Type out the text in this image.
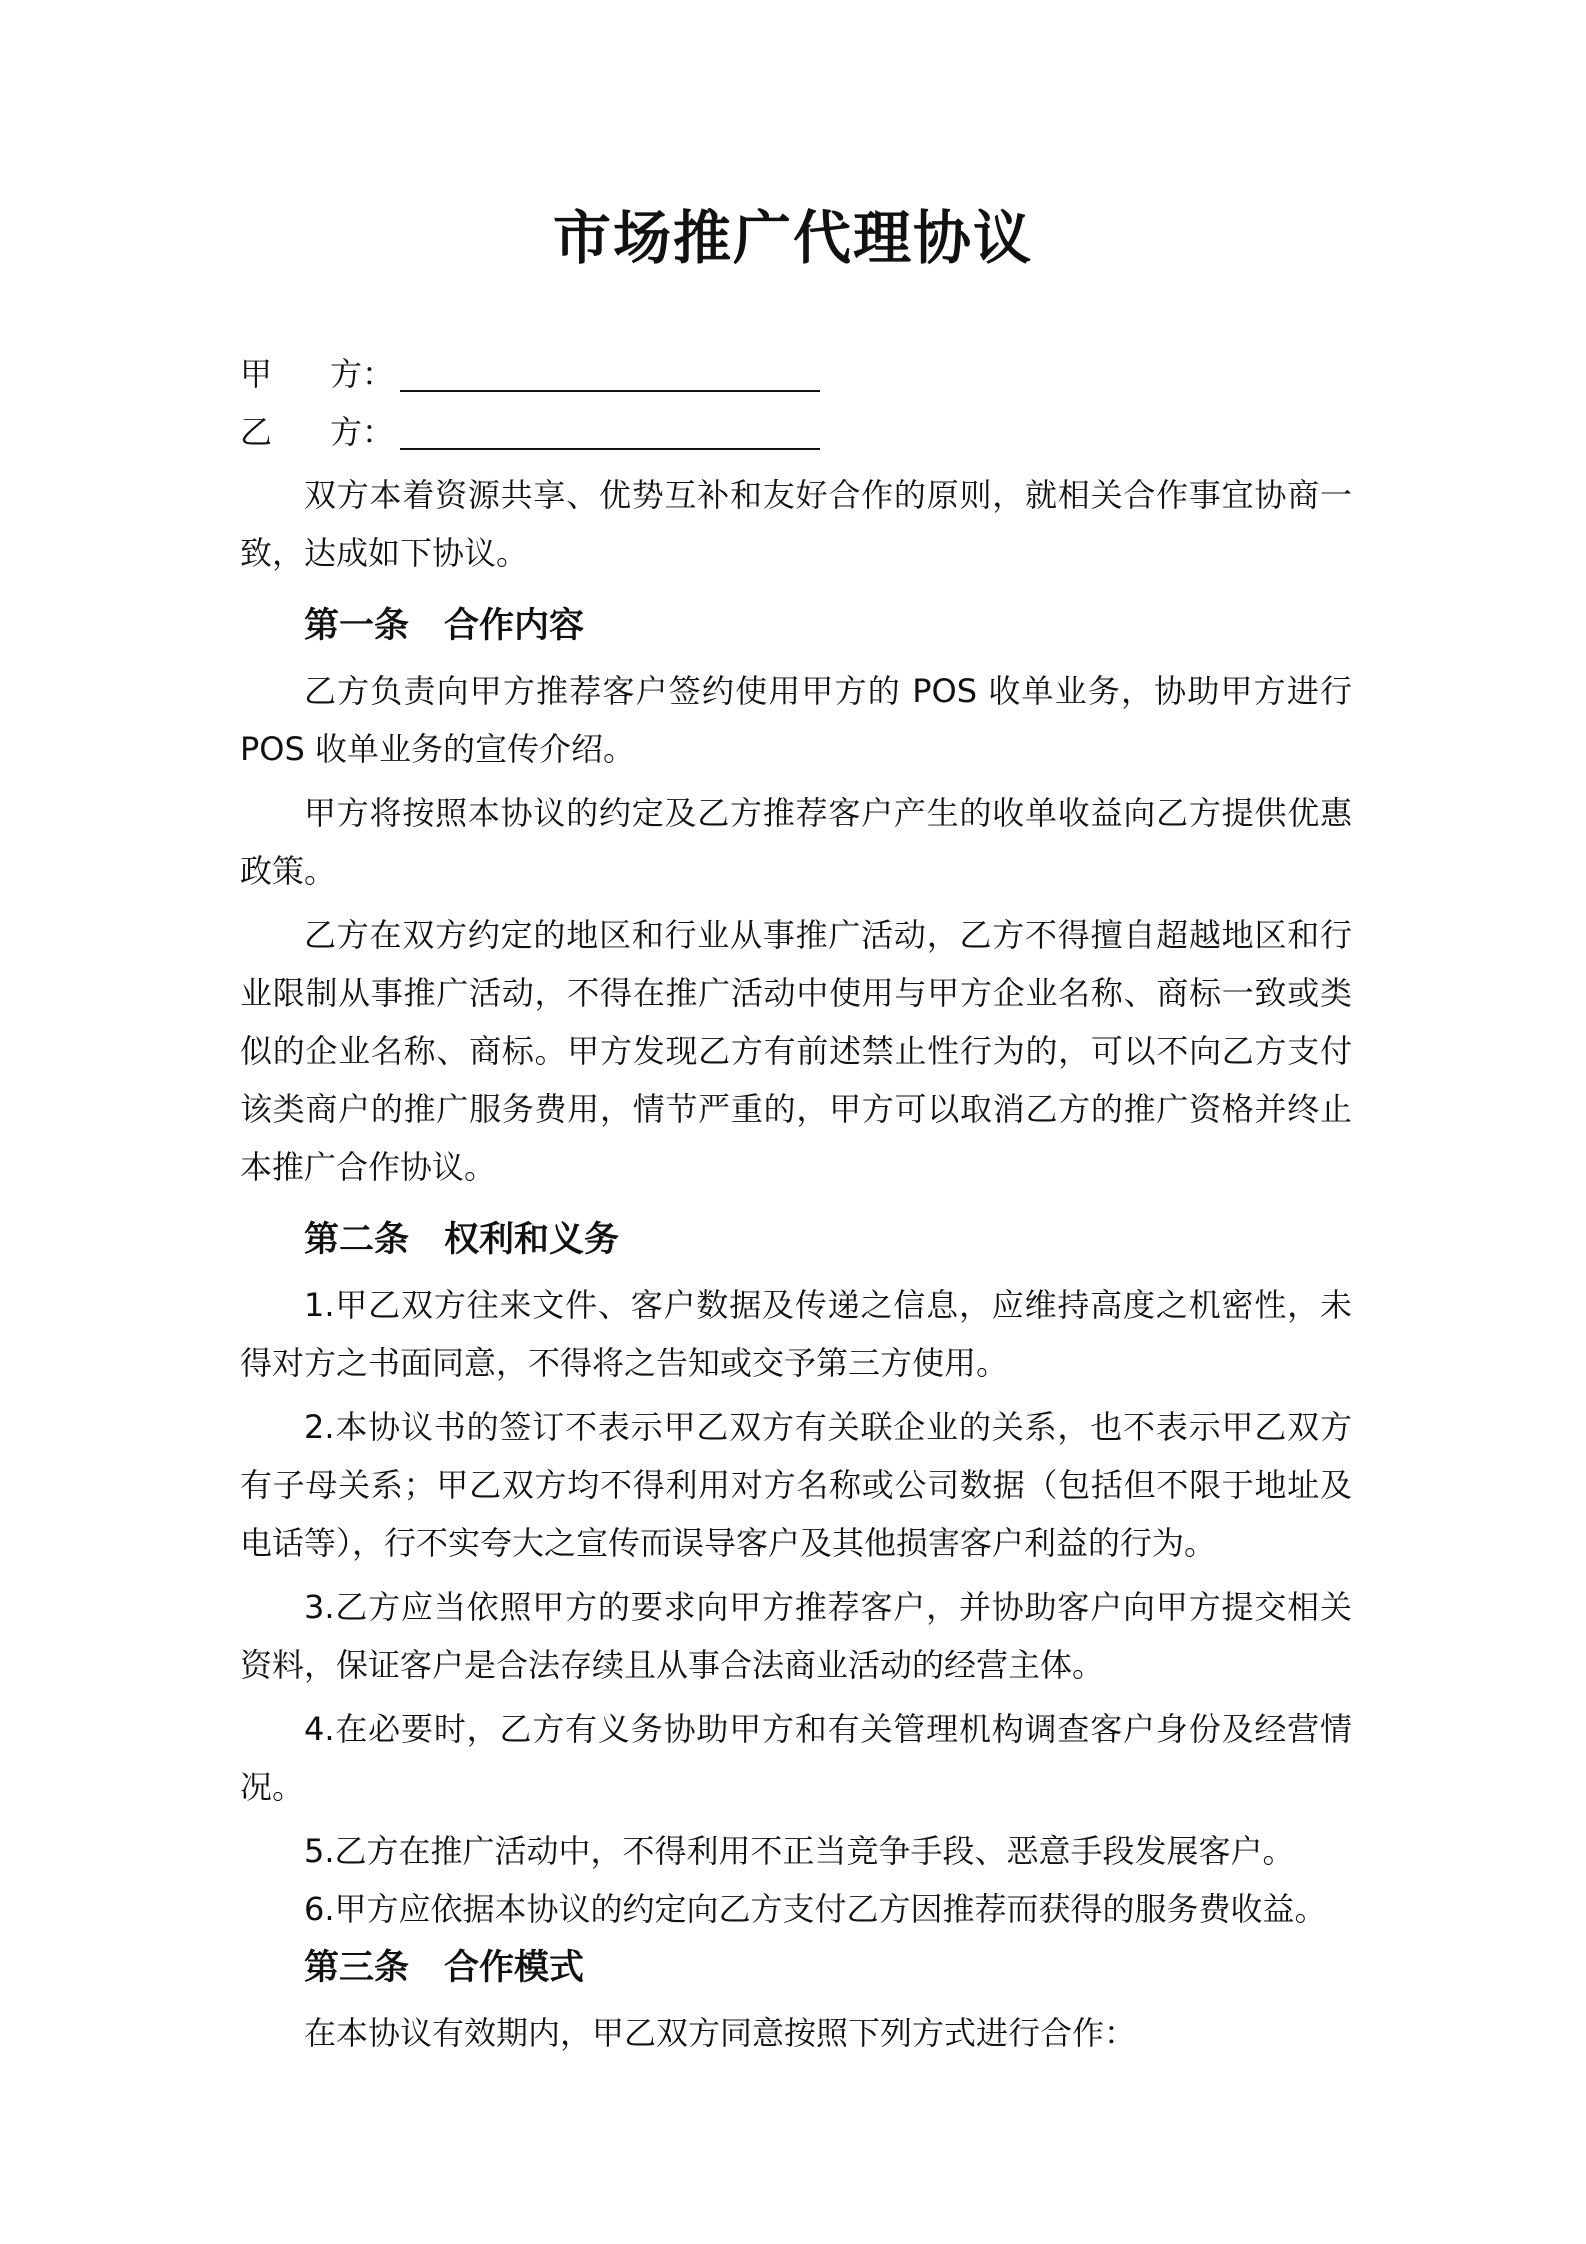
市场推广代理协议
甲	方：
乙	方：

双方本着资源共享、优势互补和友好合作的原则，就相关合作事宜协商一致，达成如下协议。

第一条　合作内容

乙方负责向甲方推荐客户签约使用甲方的 POS 收单业务，协助甲方进行 POS 收单业务的宣传介绍。

甲方将按照本协议的约定及乙方推荐客户产生的收单收益向乙方提供优惠政策。

乙方在双方约定的地区和行业从事推广活动，乙方不得擅自超越地区和行业限制从事推广活动，不得在推广活动中使用与甲方企业名称、商标一致或类似的企业名称、商标。甲方发现乙方有前述禁止性行为的，可以不向乙方支付该类商户的推广服务费用，情节严重的，甲方可以取消乙方的推广资格并终止本推广合作协议。

第二条　权利和义务

1.甲乙双方往来文件、客户数据及传递之信息，应维持高度之机密性，未得对方之书面同意，不得将之告知或交予第三方使用。

2.本协议书的签订不表示甲乙双方有关联企业的关系，也不表示甲乙双方有子母关系；甲乙双方均不得利用对方名称或公司数据（包括但不限于地址及电话等），行不实夸大之宣传而误导客户及其他损害客户利益的行为。

3.乙方应当依照甲方的要求向甲方推荐客户，并协助客户向甲方提交相关资料，保证客户是合法存续且从事合法商业活动的经营主体。

4.在必要时，乙方有义务协助甲方和有关管理机构调查客户身份及经营情况。

5.乙方在推广活动中，不得利用不正当竞争手段、恶意手段发展客户。

6.甲方应依据本协议的约定向乙方支付乙方因推荐而获得的服务费收益。

第三条　合作模式

在本协议有效期内，甲乙双方同意按照下列方式进行合作：
